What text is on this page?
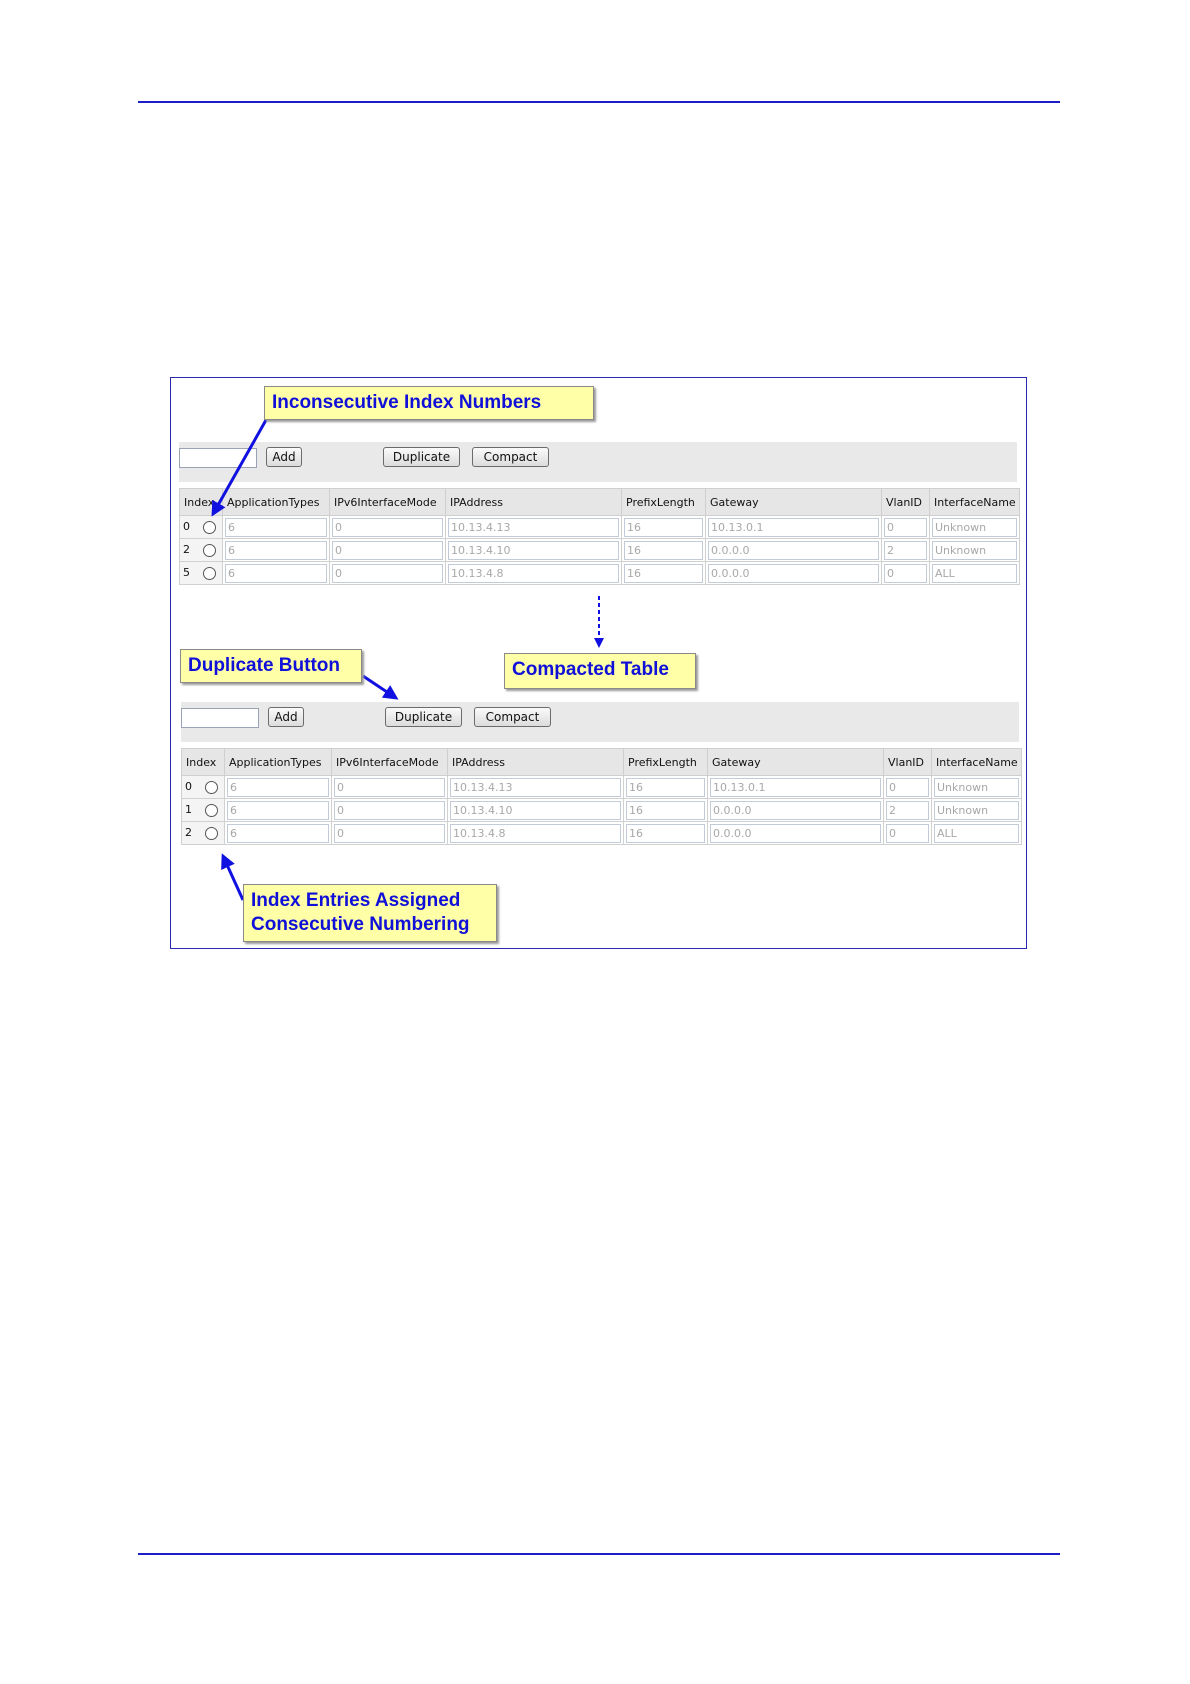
Add	Duplicate	Compact
Index	ApplicationTypes	IPv6InterfaceMode	IPAddress	PrefixLength	Gateway	VlanID	InterfaceName
0	6	0	10.13.4.13	16	10.13.0.1	0	Unknown

2	6	0	10.13.4.10	16	0.0.0.0	2	Unknown

5	6	0	10.13.4.8	16	0.0.0.0	0	ALL
Add	Duplicate	Compact
Index	ApplicationTypes	IPv6InterfaceMode	IPAddress	PrefixLength	Gateway	VlanID	InterfaceName
0	6	0	10.13.4.13	16	10.13.0.1	0	Unknown

1	6	0	10.13.4.10	16	0.0.0.0	2	Unknown

2	6	0	10.13.4.8	16	0.0.0.0	0	ALL
Inconsecutive Index Numbers
Duplicate Button	Compacted Table
Index Entries Assigned
Consecutive Numbering
